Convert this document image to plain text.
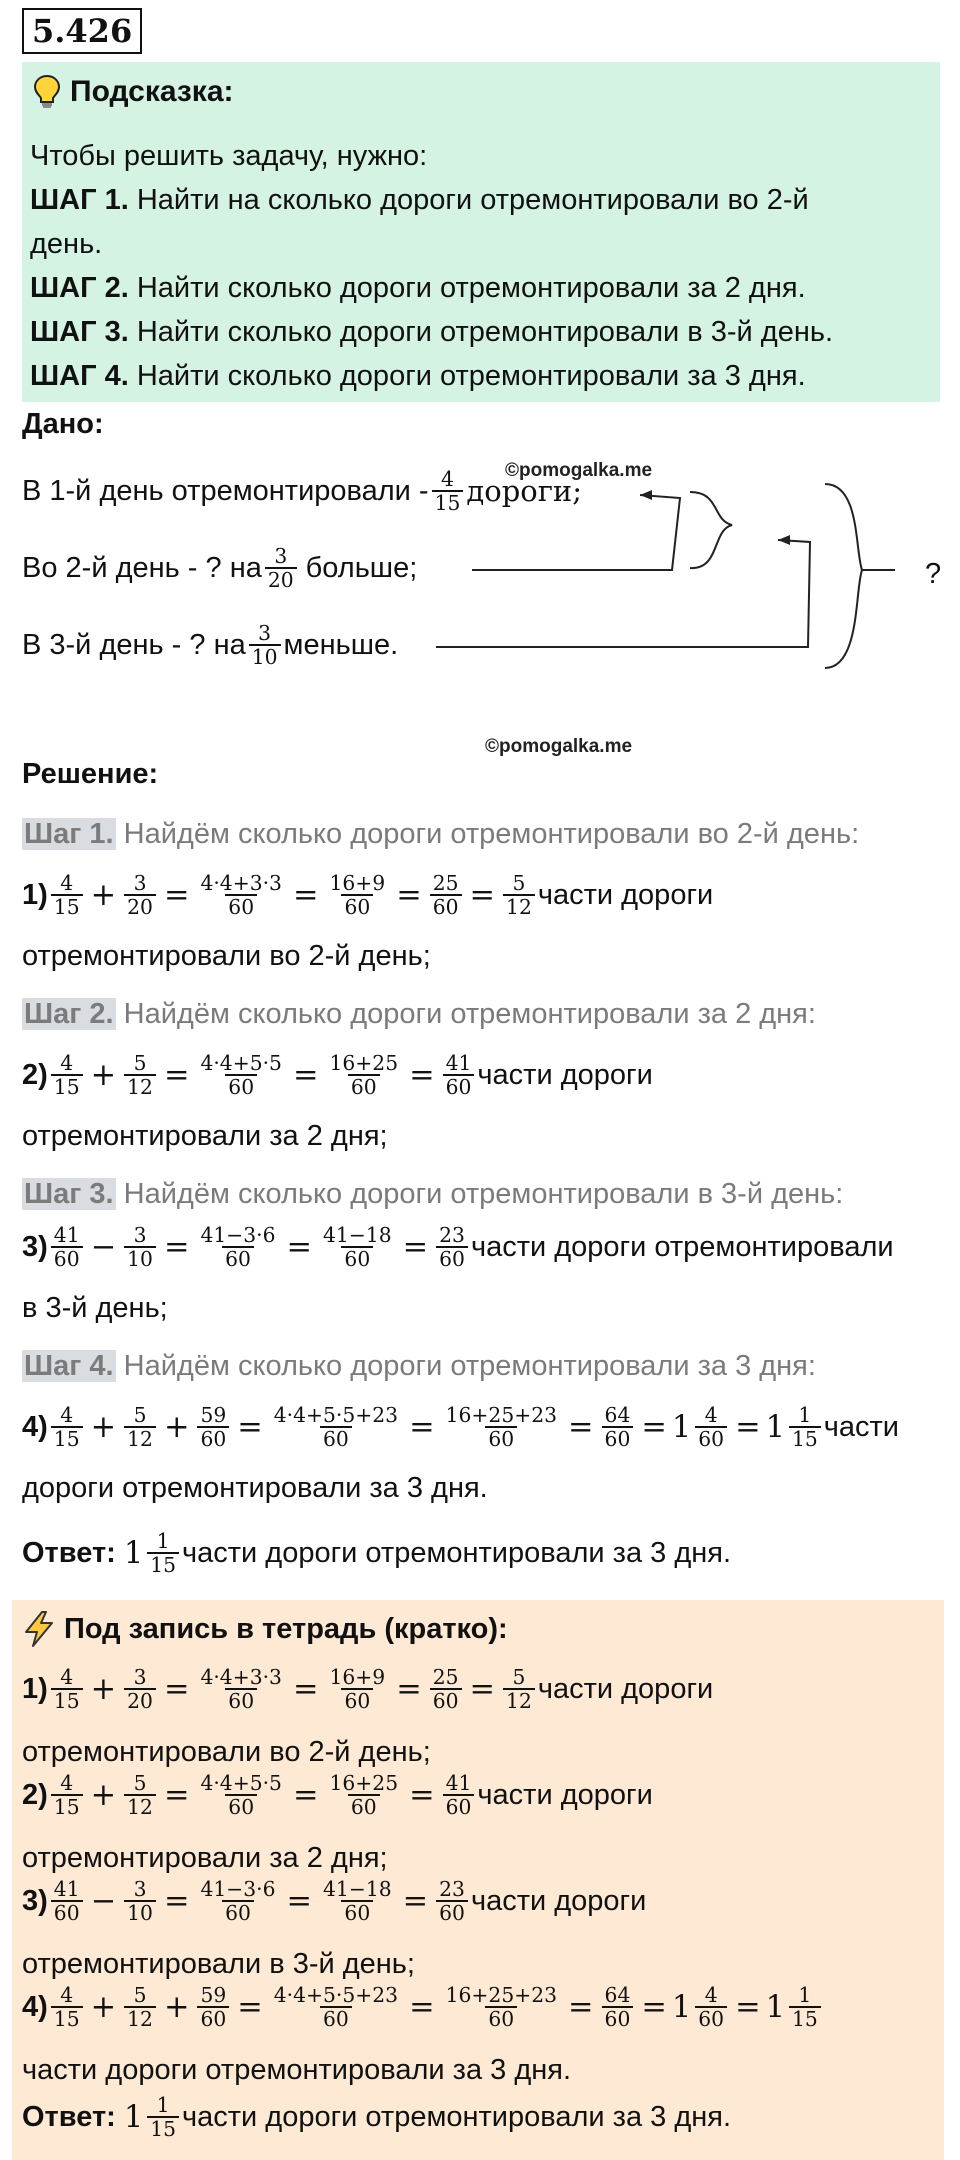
5.426
Подсказка:
Чтобы решить задачу, нужно:
ШАГ 1. Найти на сколько дороги отремонтировали во 2-й
день.
ШАГ 2. Найти сколько дороги отремонтировали за 2 дня.
ШАГ 3. Найти сколько дороги отремонтировали в 3-й день.
ШАГ 4. Найти сколько дороги отремонтировали за 3 дня.
Дано:
©pomogalka.me
В 1-й день отремонтировали - $\frac{4}{15}$ дороги;
Во 2-й день - ? на $\frac{3}{20}$ больше;
В 3-й день - ? на $\frac{3}{10}$ меньше.
?
©pomogalka.me
Решение:
Шаг 1. Найдём сколько дороги отремонтировали во 2-й день:
$1) \frac{4}{15} + \frac{3}{20} = \frac{4\cdot 4+3\cdot 3}{60} = \frac{16+9}{60} = \frac{25}{60} = \frac{5}{12}$ части дороги
отремонтировали во 2-й день;
Шаг 2. Найдём сколько дороги отремонтировали за 2 дня:
$2) \frac{4}{15} + \frac{5}{12} = \frac{4\cdot 4+5\cdot 5}{60} = \frac{16+25}{60} = \frac{41}{60}$ части дороги
отремонтировали за 2 дня;
Шаг 3. Найдём сколько дороги отремонтировали в 3-й день:
$3) \frac{41}{60} - \frac{3}{10} = \frac{41-3\cdot 6}{60} = \frac{41-18}{60} = \frac{23}{60}$ части дороги отремонтировали
в 3-й день;
Шаг 4. Найдём сколько дороги отремонтировали за 3 дня:
$4) \frac{4}{15} + \frac{5}{12} + \frac{59}{60} = \frac{4\cdot 4+5\cdot 5+23}{60} = \frac{16+25+23}{60} = \frac{64}{60} = 1 \frac{4}{60} = 1 \frac{1}{15}$ части
дороги отремонтировали за 3 дня.
Ответ: $1 \frac{1}{15}$ части дороги отремонтировали за 3 дня.
Под запись в тетрадь (кратко):
$1) \frac{4}{15} + \frac{3}{20} = \frac{4\cdot 4+3\cdot 3}{60} = \frac{16+9}{60} = \frac{25}{60} = \frac{5}{12}$ части дороги
отремонтировали во 2-й день;
$2) \frac{4}{15} + \frac{5}{12} = \frac{4\cdot 4+5\cdot 5}{60} = \frac{16+25}{60} = \frac{41}{60}$ части дороги
отремонтировали за 2 дня;
$3) \frac{41}{60} - \frac{3}{10} = \frac{41-3\cdot 6}{60} = \frac{41-18}{60} = \frac{23}{60}$ части дороги
отремонтировали в 3-й день;
$4) \frac{4}{15} + \frac{5}{12} + \frac{59}{60} = \frac{4\cdot 4+5\cdot 5+23}{60} = \frac{16+25+23}{60} = \frac{64}{60} = 1 \frac{4}{60} = 1 \frac{1}{15}$
части дороги отремонтировали за 3 дня.
Ответ: $1 \frac{1}{15}$ части дороги отремонтировали за 3 дня.
